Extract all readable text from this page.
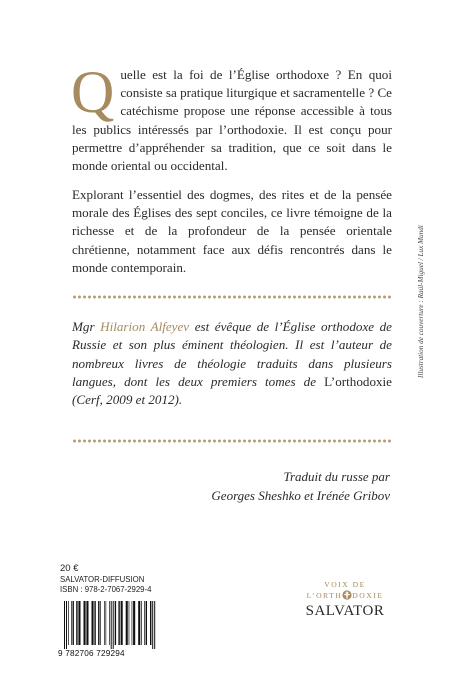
Q uelle est la foi de l’Église orthodoxe ? En quoi consiste sa pratique liturgique et sacramentelle ? Ce catéchisme propose une réponse accessible à tous les publics intéressés par l’orthodoxie. Il est conçu pour permettre d’appréhender sa tradition, que ce soit dans le monde oriental ou occidental.

Explorant l’essentiel des dogmes, des rites et de la pensée morale des Églises des sept conciles, ce livre témoigne de la richesse et de la profondeur de la pensée orientale chrétienne, notamment face aux défis rencontrés dans le monde contemporain.

Mgr Hilarion Alfeyev est évêque de l’Église orthodoxe de Russie et son plus éminent théologien. Il est l’auteur de nombreux livres de théologie traduits dans plusieurs langues, dont les deux premiers tomes de L’orthodoxie (Cerf, 2009 et 2012).

Illustration de couverture : Raúl-Miguel / Lux Mundi
Traduit du russe par
Georges Sheshko et Irénée Gribov
20 €
SALVATOR-DIFFUSION
ISBN : 978-2-7067-2929-4
9 782706 729294
VOIX DE
L’ORTH DOXIE
SALVATOR
